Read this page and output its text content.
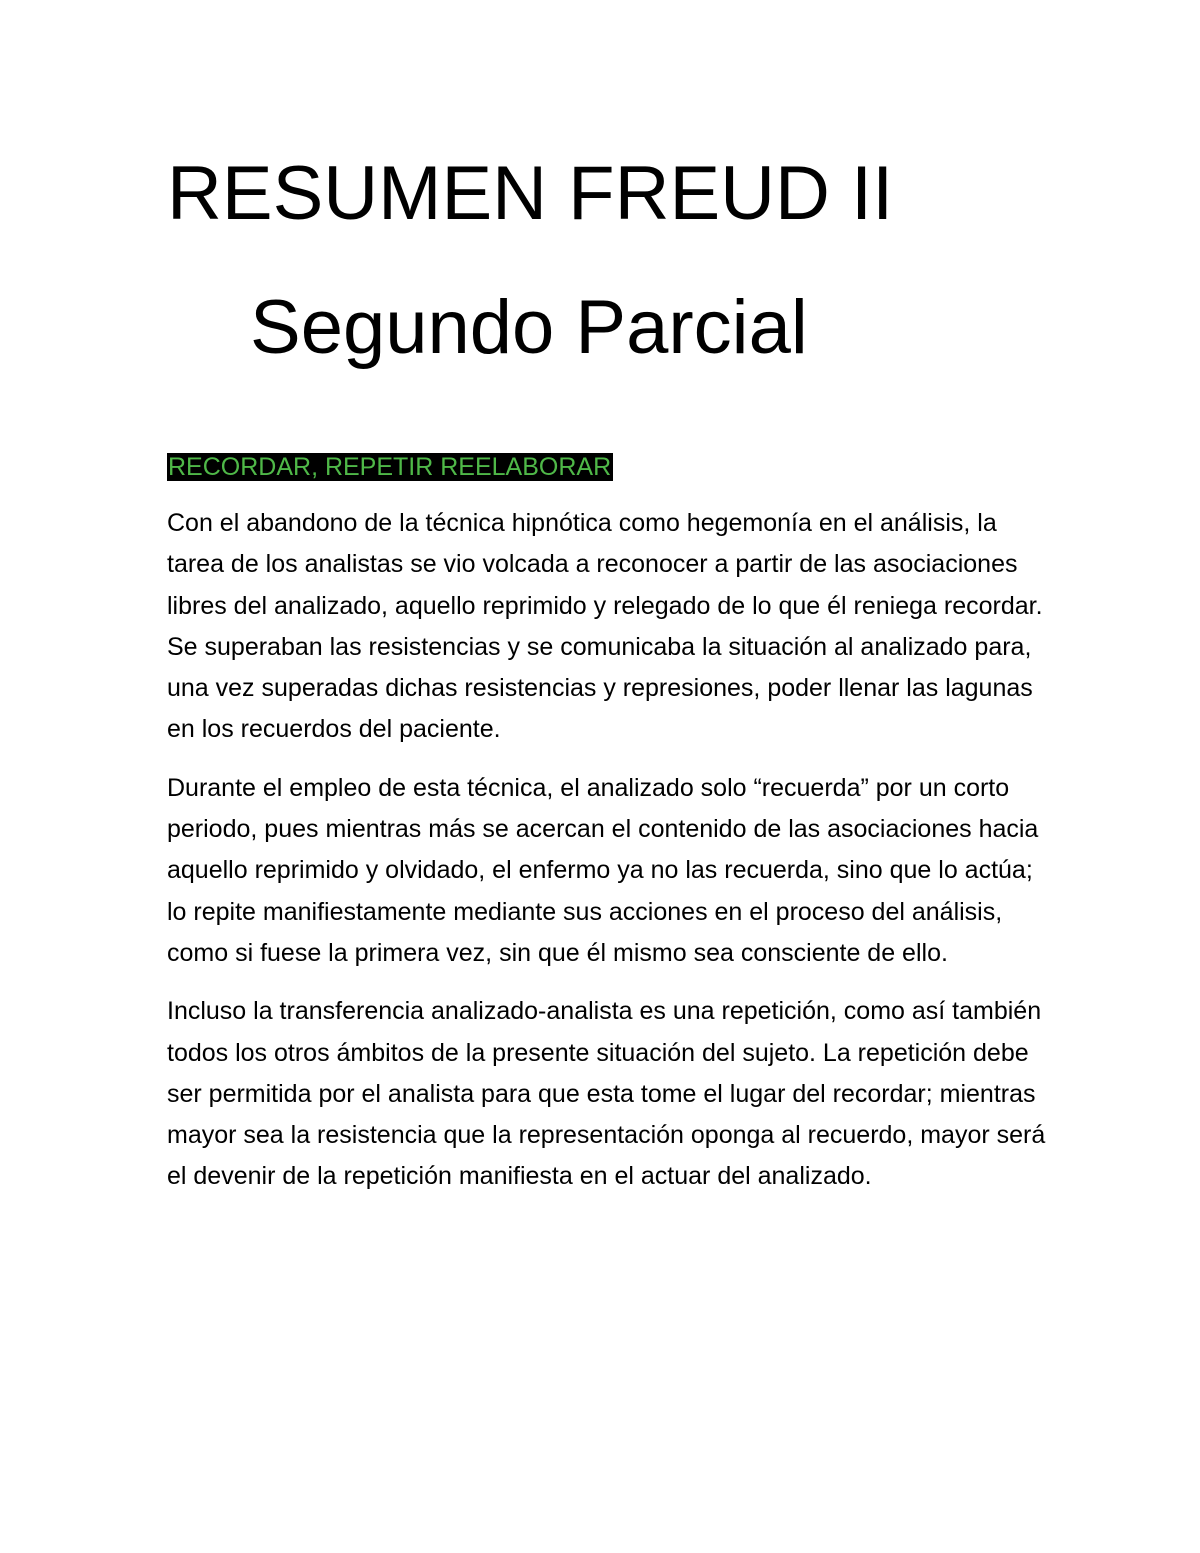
RESUMEN FREUD II
Segundo Parcial
RECORDAR, REPETIR REELABORAR

Con el abandono de la técnica hipnótica como hegemonía en el análisis, la tarea de los analistas se vio volcada a reconocer a partir de las asociaciones libres del analizado, aquello reprimido y relegado de lo que él reniega recordar. Se superaban las resistencias y se comunicaba la situación al analizado para, una vez superadas dichas resistencias y represiones, poder llenar las lagunas en los recuerdos del paciente.

Durante el empleo de esta técnica, el analizado solo “recuerda” por un corto periodo, pues mientras más se acercan el contenido de las asociaciones hacia aquello reprimido y olvidado, el enfermo ya no las recuerda, sino que lo actúa; lo repite manifiestamente mediante sus acciones en el proceso del análisis, como si fuese la primera vez, sin que él mismo sea consciente de ello.

Incluso la transferencia analizado-analista es una repetición, como así también todos los otros ámbitos de la presente situación del sujeto. La repetición debe ser permitida por el analista para que esta tome el lugar del recordar; mientras mayor sea la resistencia que la representación oponga al recuerdo, mayor será el devenir de la repetición manifiesta en el actuar del analizado.
